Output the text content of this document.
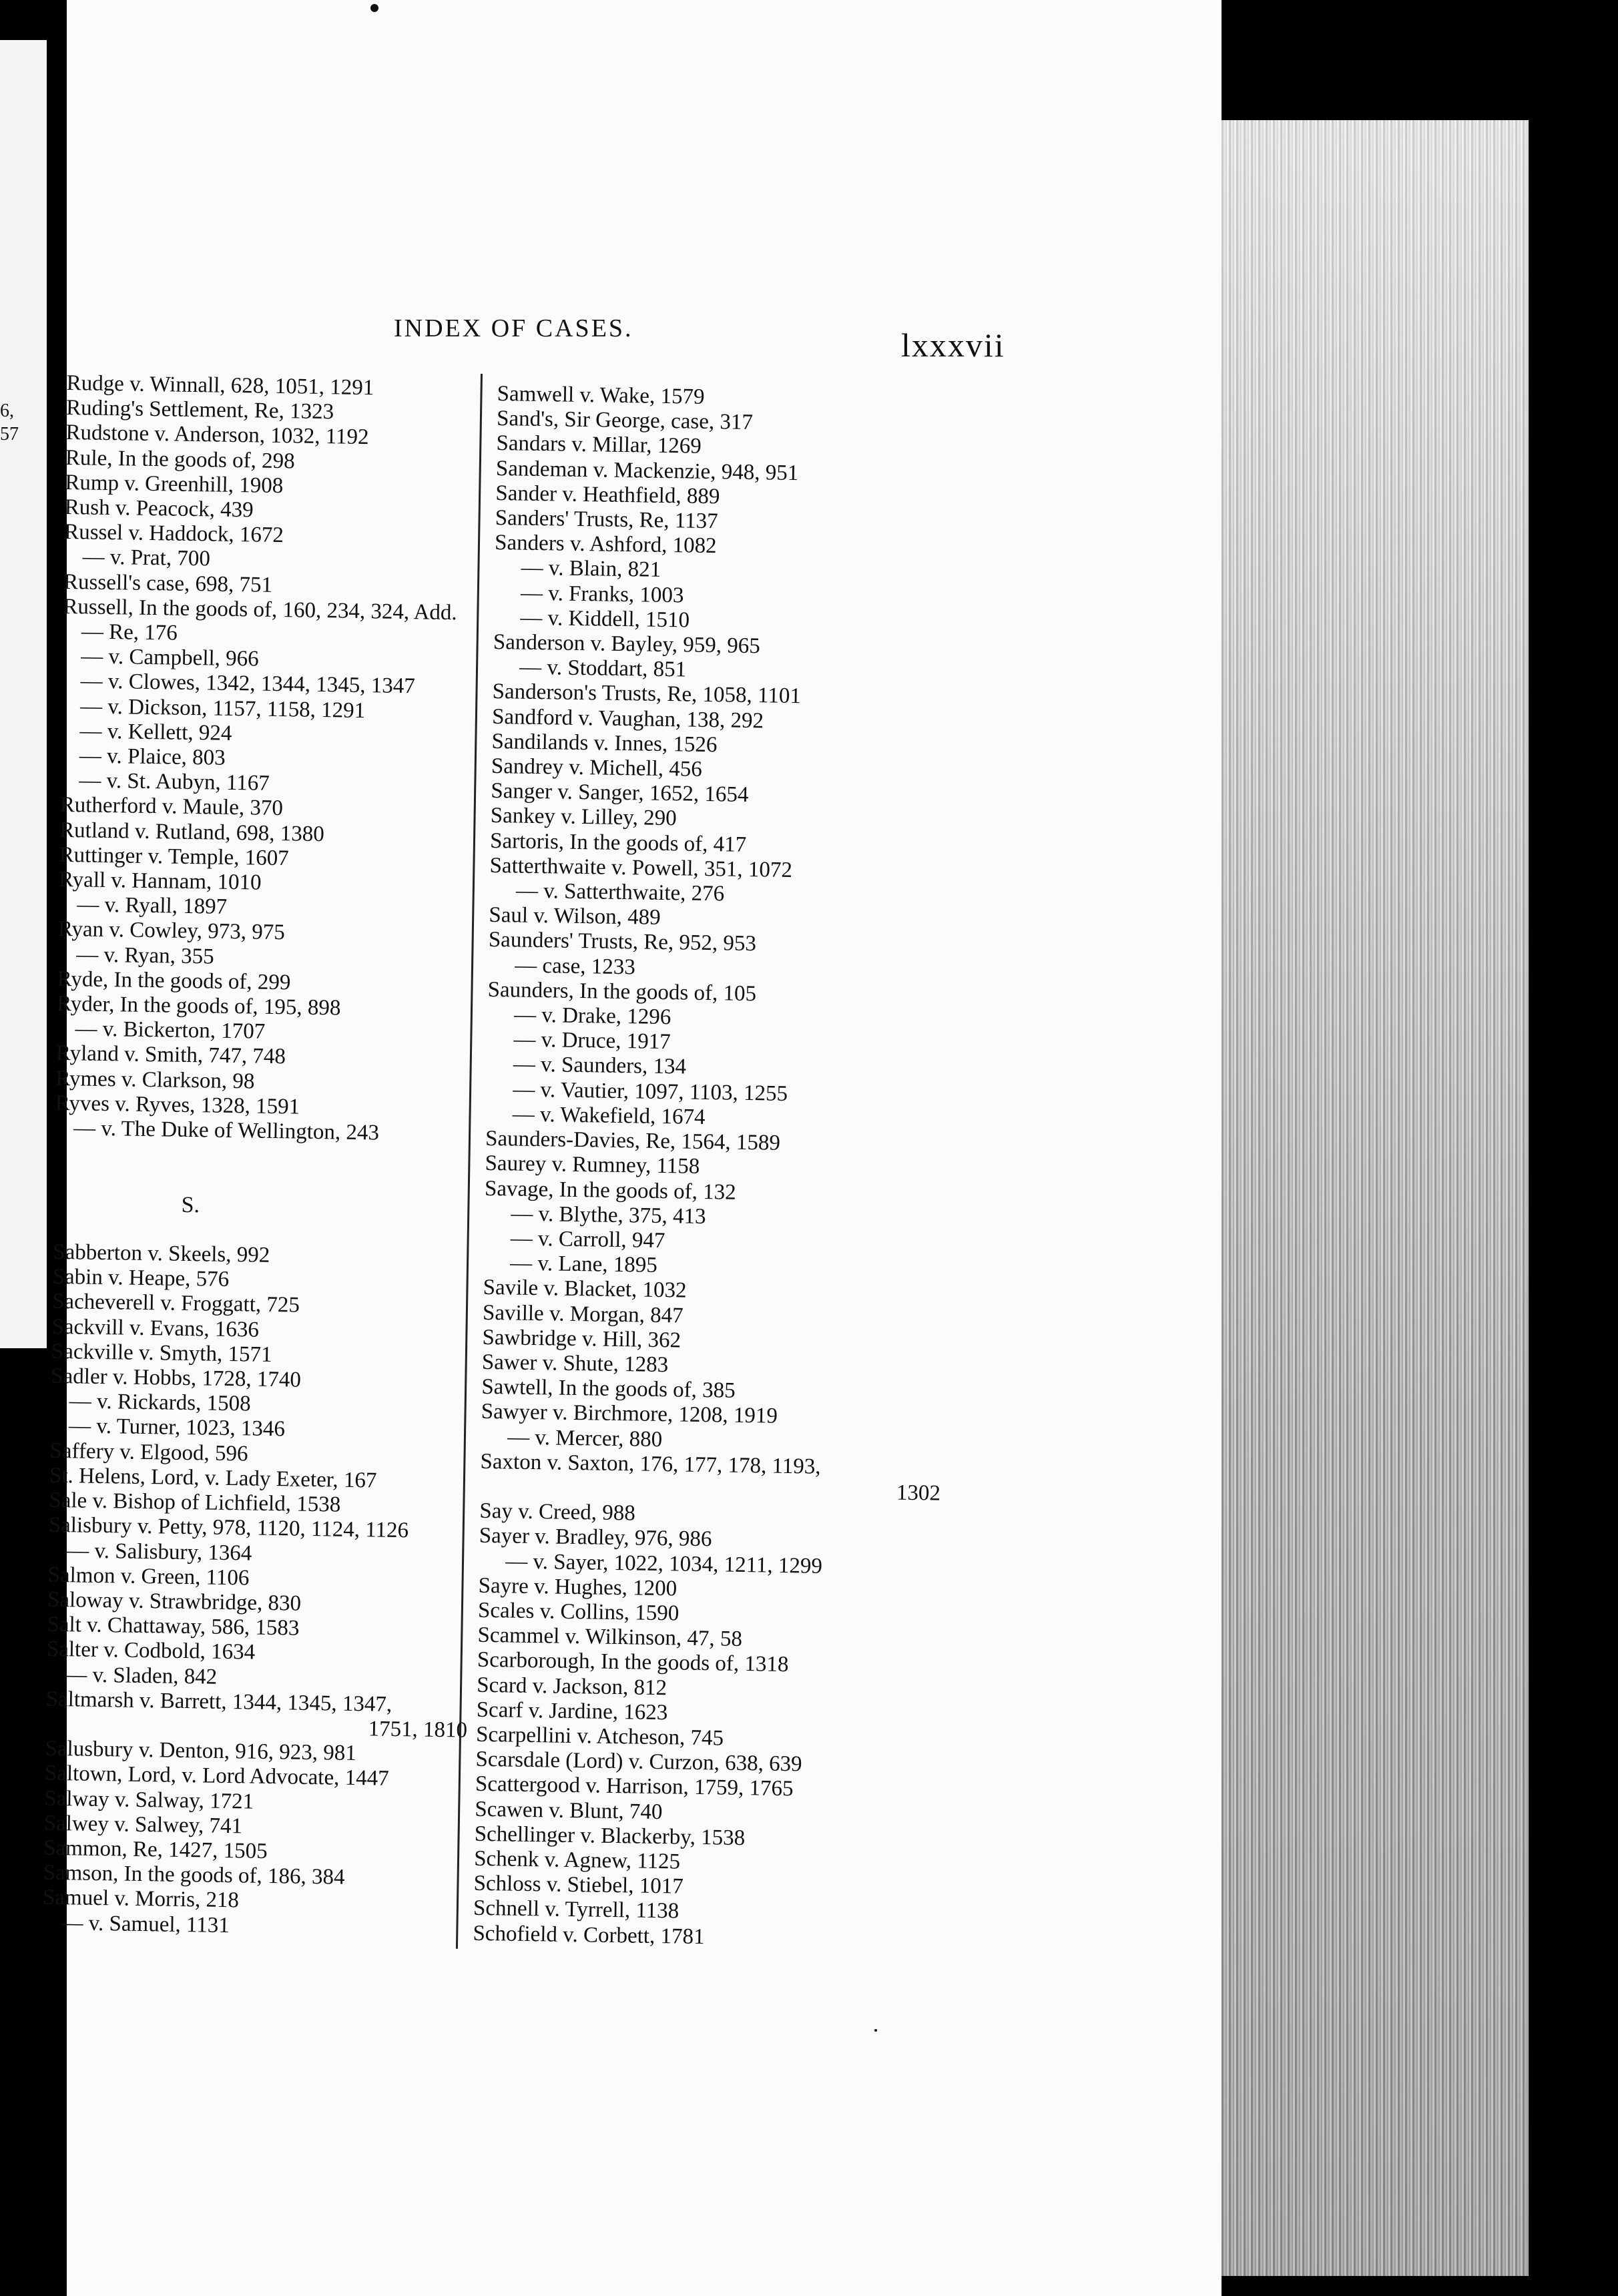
6,
57
INDEX OF CASES.	lxxxvii
Rudge v. Winnall, 628, 1051, 1291
Ruding's Settlement, Re, 1323
Rudstone v. Anderson, 1032, 1192
Rule, In the goods of, 298
Rump v. Greenhill, 1908
Rush v. Peacock, 439
Russel v. Haddock, 1672
— v. Prat, 700
Russell's case, 698, 751
Russell, In the goods of, 160, 234, 324, Add.
— Re, 176
— v. Campbell, 966
— v. Clowes, 1342, 1344, 1345, 1347
— v. Dickson, 1157, 1158, 1291
— v. Kellett, 924
— v. Plaice, 803
— v. St. Aubyn, 1167
Rutherford v. Maule, 370
Rutland v. Rutland, 698, 1380
Ruttinger v. Temple, 1607
Ryall v. Hannam, 1010
— v. Ryall, 1897
Ryan v. Cowley, 973, 975
— v. Ryan, 355
Ryde, In the goods of, 299
Ryder, In the goods of, 195, 898
— v. Bickerton, 1707
Ryland v. Smith, 747, 748
Rymes v. Clarkson, 98
Ryves v. Ryves, 1328, 1591
— v. The Duke of Wellington, 243
S.
Sabberton v. Skeels, 992
Sabin v. Heape, 576
Sacheverell v. Froggatt, 725
Sackvill v. Evans, 1636
Sackville v. Smyth, 1571
Sadler v. Hobbs, 1728, 1740
— v. Rickards, 1508
— v. Turner, 1023, 1346
Saffery v. Elgood, 596
St. Helens, Lord, v. Lady Exeter, 167
Sale v. Bishop of Lichfield, 1538
Salisbury v. Petty, 978, 1120, 1124, 1126
— v. Salisbury, 1364
Salmon v. Green, 1106
Saloway v. Strawbridge, 830
Salt v. Chattaway, 586, 1583
Salter v. Codbold, 1634
— v. Sladen, 842
Saltmarsh v. Barrett, 1344, 1345, 1347,
1751, 1810
Salusbury v. Denton, 916, 923, 981
Saltown, Lord, v. Lord Advocate, 1447
Salway v. Salway, 1721
Salwey v. Salwey, 741
Sammon, Re, 1427, 1505
Samson, In the goods of, 186, 384
Samuel v. Morris, 218
— v. Samuel, 1131
Samwell v. Wake, 1579
Sand's, Sir George, case, 317
Sandars v. Millar, 1269
Sandeman v. Mackenzie, 948, 951
Sander v. Heathfield, 889
Sanders' Trusts, Re, 1137
Sanders v. Ashford, 1082
— v. Blain, 821
— v. Franks, 1003
— v. Kiddell, 1510
Sanderson v. Bayley, 959, 965
— v. Stoddart, 851
Sanderson's Trusts, Re, 1058, 1101
Sandford v. Vaughan, 138, 292
Sandilands v. Innes, 1526
Sandrey v. Michell, 456
Sanger v. Sanger, 1652, 1654
Sankey v. Lilley, 290
Sartoris, In the goods of, 417
Satterthwaite v. Powell, 351, 1072
— v. Satterthwaite, 276
Saul v. Wilson, 489
Saunders' Trusts, Re, 952, 953
— case, 1233
Saunders, In the goods of, 105
— v. Drake, 1296
— v. Druce, 1917
— v. Saunders, 134
— v. Vautier, 1097, 1103, 1255
— v. Wakefield, 1674
Saunders-Davies, Re, 1564, 1589
Saurey v. Rumney, 1158
Savage, In the goods of, 132
— v. Blythe, 375, 413
— v. Carroll, 947
— v. Lane, 1895
Savile v. Blacket, 1032
Saville v. Morgan, 847
Sawbridge v. Hill, 362
Sawer v. Shute, 1283
Sawtell, In the goods of, 385
Sawyer v. Birchmore, 1208, 1919
— v. Mercer, 880
Saxton v. Saxton, 176, 177, 178, 1193,
1302
Say v. Creed, 988
Sayer v. Bradley, 976, 986
— v. Sayer, 1022, 1034, 1211, 1299
Sayre v. Hughes, 1200
Scales v. Collins, 1590
Scammel v. Wilkinson, 47, 58
Scarborough, In the goods of, 1318
Scard v. Jackson, 812
Scarf v. Jardine, 1623
Scarpellini v. Atcheson, 745
Scarsdale (Lord) v. Curzon, 638, 639
Scattergood v. Harrison, 1759, 1765
Scawen v. Blunt, 740
Schellinger v. Blackerby, 1538
Schenk v. Agnew, 1125
Schloss v. Stiebel, 1017
Schnell v. Tyrrell, 1138
Schofield v. Corbett, 1781
